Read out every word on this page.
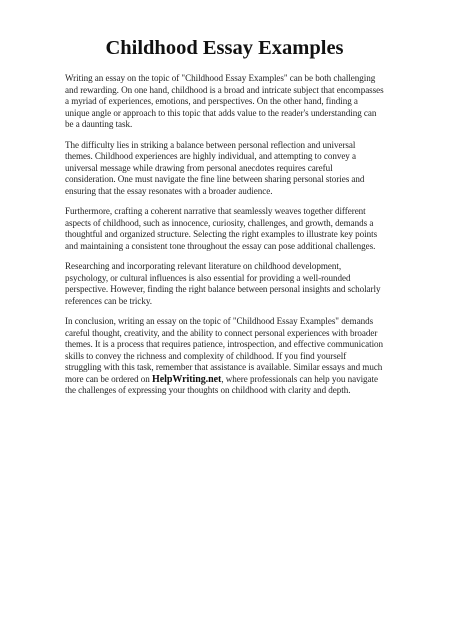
Childhood Essay Examples

Writing an essay on the topic of "Childhood Essay Examples" can be both challenging and rewarding. On one hand, childhood is a broad and intricate subject that encompasses a myriad of experiences, emotions, and perspectives. On the other hand, finding a unique angle or approach to this topic that adds value to the reader's understanding can be a daunting task.

The difficulty lies in striking a balance between personal reflection and universal themes. Childhood experiences are highly individual, and attempting to convey a universal message while drawing from personal anecdotes requires careful consideration. One must navigate the fine line between sharing personal stories and ensuring that the essay resonates with a broader audience.

Furthermore, crafting a coherent narrative that seamlessly weaves together different aspects of childhood, such as innocence, curiosity, challenges, and growth, demands a thoughtful and organized structure. Selecting the right examples to illustrate key points and maintaining a consistent tone throughout the essay can pose additional challenges.

Researching and incorporating relevant literature on childhood development, psychology, or cultural influences is also essential for providing a well-rounded perspective. However, finding the right balance between personal insights and scholarly references can be tricky.

In conclusion, writing an essay on the topic of "Childhood Essay Examples" demands careful thought, creativity, and the ability to connect personal experiences with broader themes. It is a process that requires patience, introspection, and effective communication skills to convey the richness and complexity of childhood. If you find yourself struggling with this task, remember that assistance is available. Similar essays and much more can be ordered on HelpWriting.net, where professionals can help you navigate the challenges of expressing your thoughts on childhood with clarity and depth.
